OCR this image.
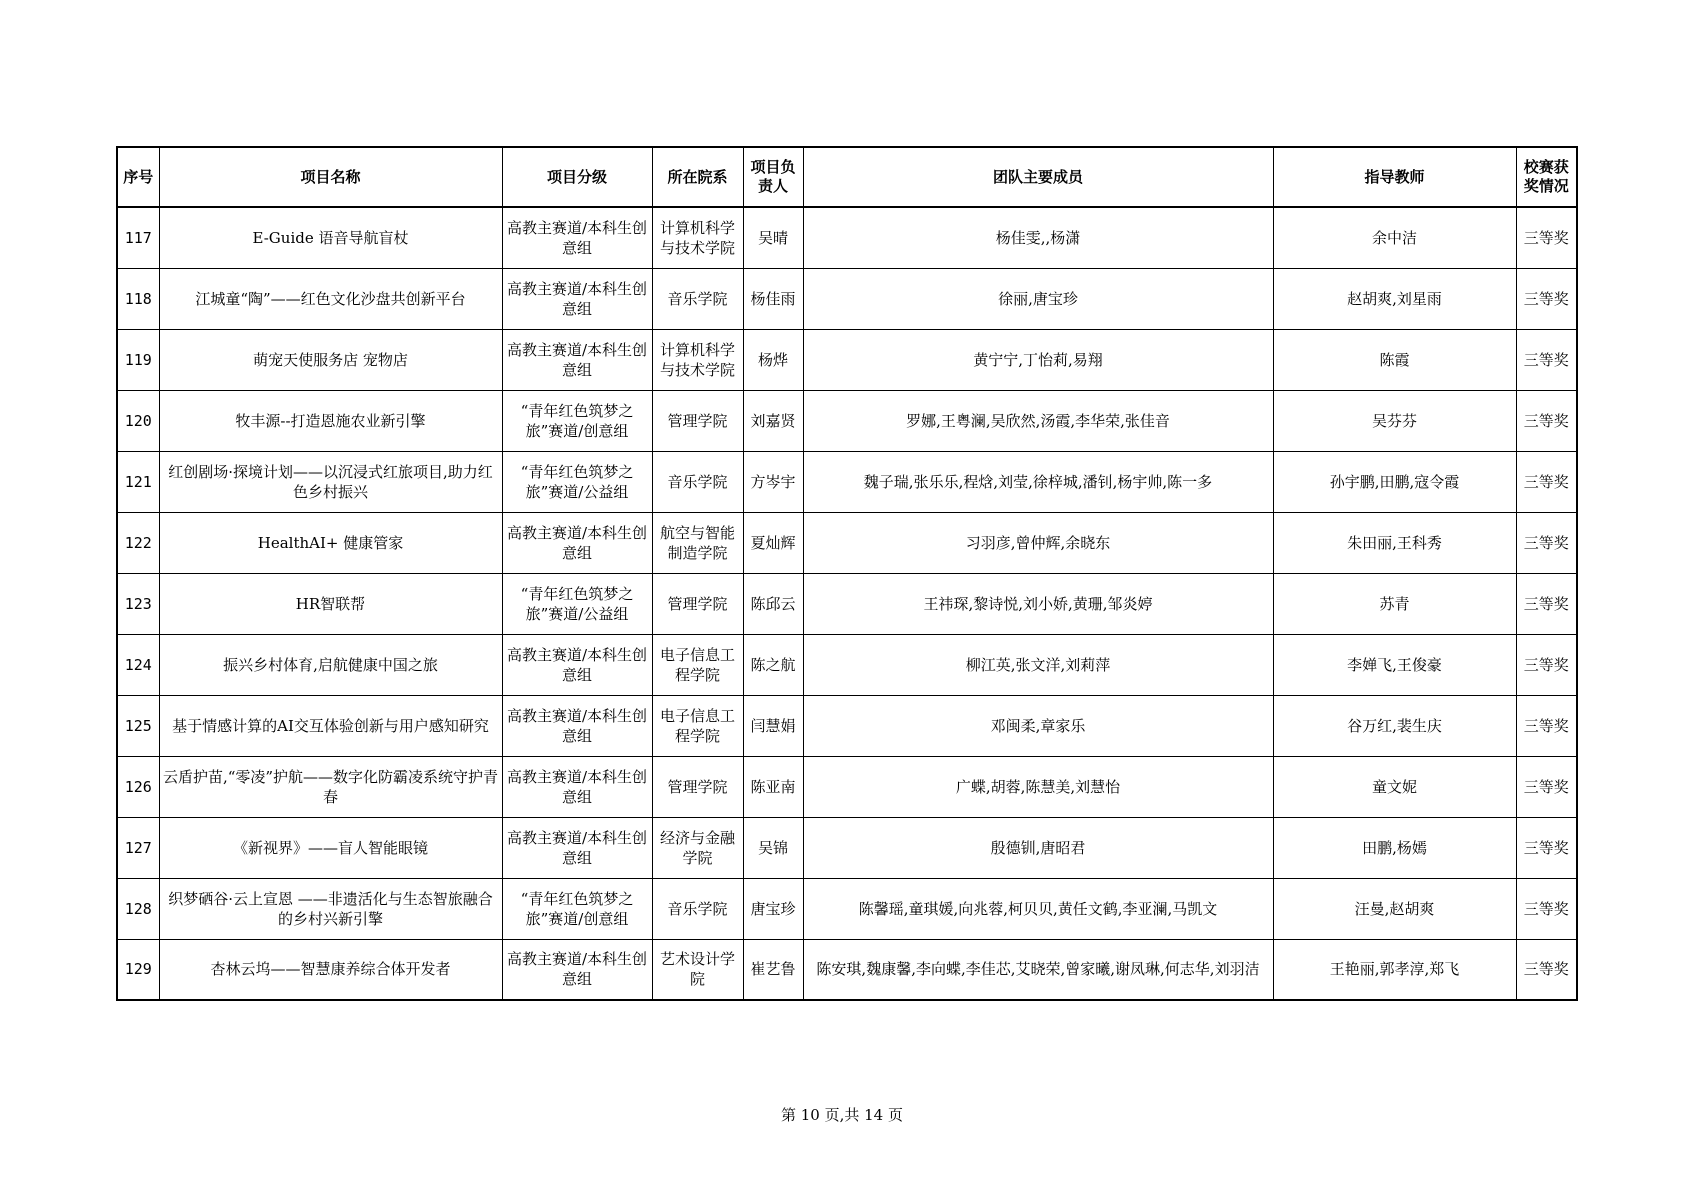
序号	项目名称	项目分级	所在院系	项目负责人	团队主要成员	指导教师	校赛获奖情况
117	E-Guide 语音导航盲杖	高教主赛道/本科生创意组	计算机科学与技术学院	吴晴	杨佳雯,,杨潇	余中洁	三等奖
118	江城童“陶”——红色文化沙盘共创新平台	高教主赛道/本科生创意组	音乐学院	杨佳雨	徐丽,唐宝珍	赵胡爽,刘星雨	三等奖
119	萌宠天使服务店 宠物店	高教主赛道/本科生创意组	计算机科学与技术学院	杨烨	黄宁宁,丁怡莉,易翔	陈霞	三等奖
120	牧丰源--打造恩施农业新引擎	“青年红色筑梦之旅”赛道/创意组	管理学院	刘嘉贤	罗娜,王粤澜,吴欣然,汤霞,李华荣,张佳音	吴芬芬	三等奖
121	红创剧场·探境计划——以沉浸式红旅项目,助力红色乡村振兴	“青年红色筑梦之旅”赛道/公益组	音乐学院	方岑宇	魏子瑞,张乐乐,程焓,刘莹,徐梓城,潘钊,杨宇帅,陈一多	孙宇鹏,田鹏,寇令霞	三等奖
122	HealthAI+ 健康管家	高教主赛道/本科生创意组	航空与智能制造学院	夏灿辉	习羽彦,曾仲辉,余晓东	朱田丽,王科秀	三等奖
123	HR智联帮	“青年红色筑梦之旅”赛道/公益组	管理学院	陈邱云	王祎琛,黎诗悦,刘小娇,黄珊,邹炎婷	苏青	三等奖
124	振兴乡村体育,启航健康中国之旅	高教主赛道/本科生创意组	电子信息工程学院	陈之航	柳江英,张文洋,刘莉萍	李婵飞,王俊豪	三等奖
125	基于情感计算的AI交互体验创新与用户感知研究	高教主赛道/本科生创意组	电子信息工程学院	闫慧娟	邓闽柔,章家乐	谷万红,裴生庆	三等奖
126	云盾护苗,“零凌”护航——数字化防霸凌系统守护青春	高教主赛道/本科生创意组	管理学院	陈亚南	广蝶,胡蓉,陈慧美,刘慧怡	童文妮	三等奖
127	《新视界》——盲人智能眼镜	高教主赛道/本科生创意组	经济与金融学院	吴锦	殷德钏,唐昭君	田鹏,杨嫣	三等奖
128	织梦硒谷·云上宣恩 ——非遗活化与生态智旅融合的乡村兴新引擎	“青年红色筑梦之旅”赛道/创意组	音乐学院	唐宝珍	陈馨瑶,童琪媛,向兆蓉,柯贝贝,黄任文鹤,李亚澜,马凯文	汪曼,赵胡爽	三等奖
129	杏林云坞——智慧康养综合体开发者	高教主赛道/本科生创意组	艺术设计学院	崔艺鲁	陈安琪,魏康馨,李向蝶,李佳芯,艾晓荣,曾家曦,谢凤琳,何志华,刘羽洁	王艳丽,郭孝淳,郑飞	三等奖
第 10 页,共 14 页
